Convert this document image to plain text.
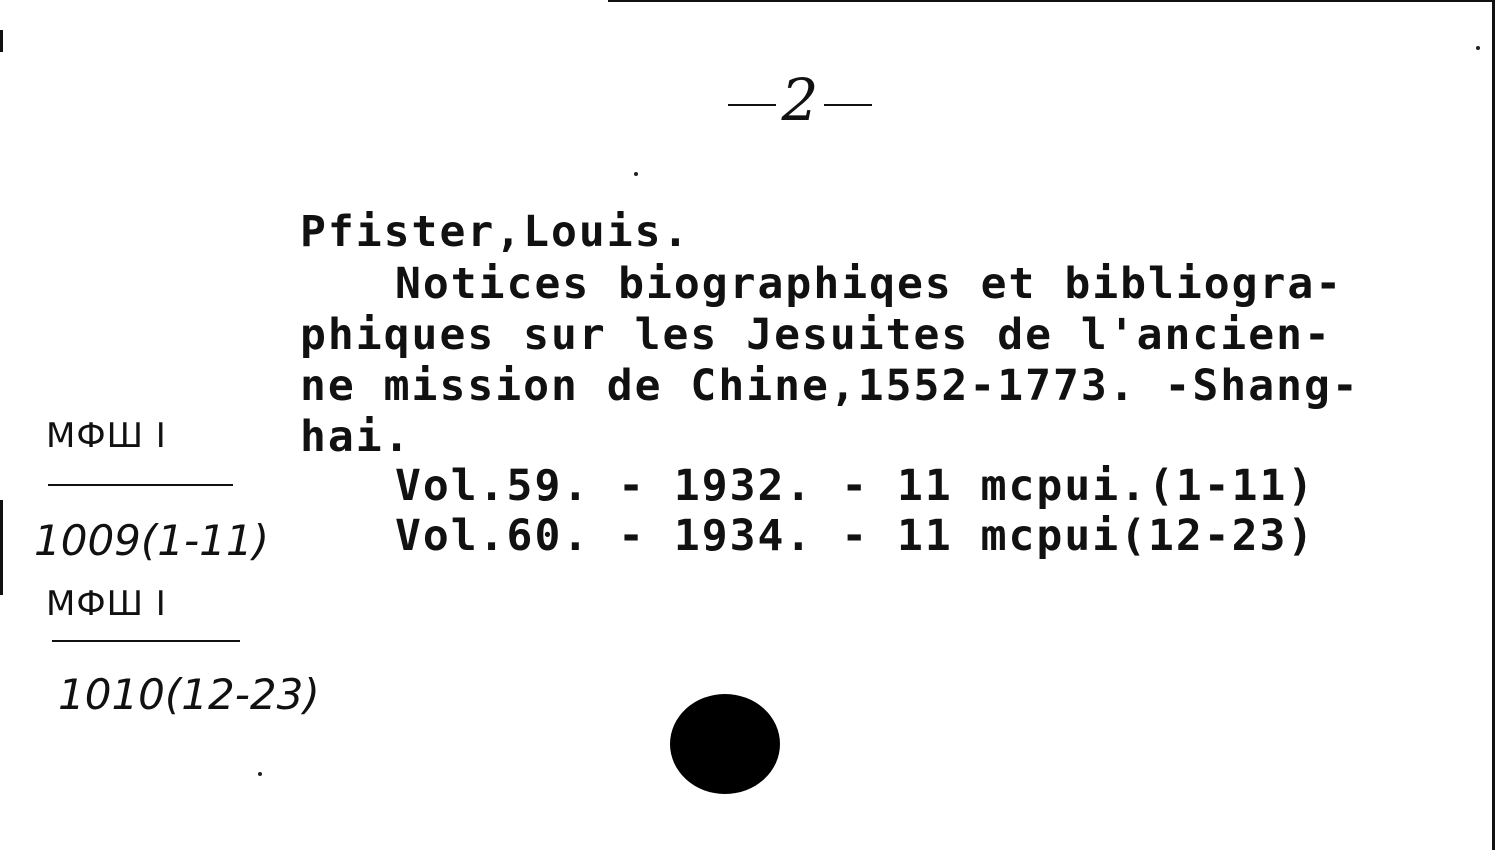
2
Pfister,Louis.
Notices biographiqes et bibliogra-
phiques sur les Jesuites de l'ancien-
ne mission de Chine,1552-1773. -Shang-
hai.
Vol.59. - 1932. - 11 mcpui.(1-11)
Vol.60. - 1934. - 11 mcpui(12-23)
МФШ I
1009(1-11)
МФШ I
1010(12-23)
